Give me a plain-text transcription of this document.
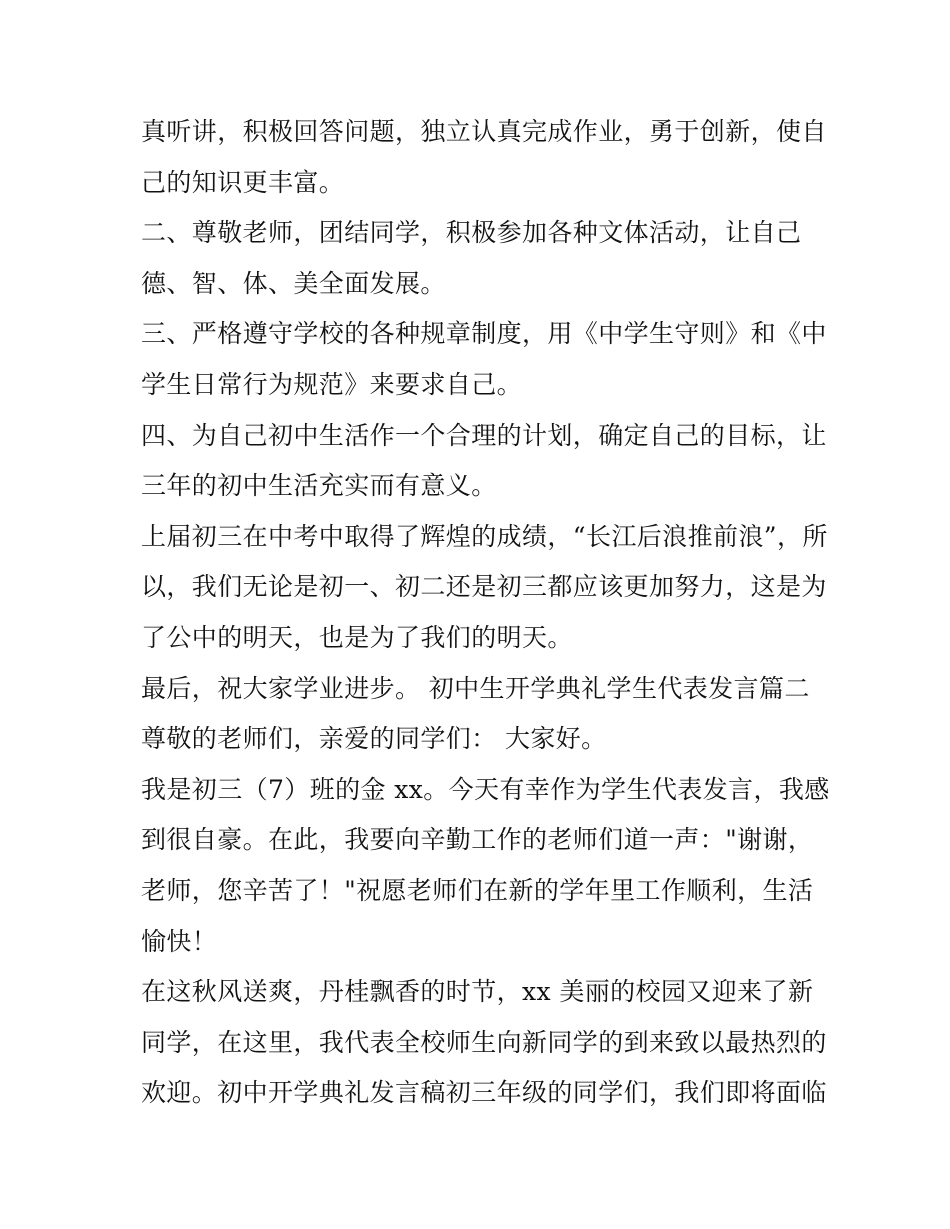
真听讲，积极回答问题，独立认真完成作业，勇于创新，使自
己的知识更丰富。
二、尊敬老师，团结同学，积极参加各种文体活动，让自己
德、智、体、美全面发展。
三、严格遵守学校的各种规章制度，用《中学生守则》和《中
学生日常行为规范》来要求自己。
四、为自己初中生活作一个合理的计划，确定自己的目标，让
三年的初中生活充实而有意义。
上届初三在中考中取得了辉煌的成绩，“长江后浪推前浪”，所
以，我们无论是初一、初二还是初三都应该更加努力，这是为
了公中的明天，也是为了我们的明天。
最后，祝大家学业进步。 初中生开学典礼学生代表发言篇二
尊敬的老师们，亲爱的同学们： 大家好。
我是初三（7）班的金 xx。今天有幸作为学生代表发言，我感
到很自豪。在此，我要向辛勤工作的老师们道一声："谢谢，
老师，您辛苦了！"祝愿老师们在新的学年里工作顺利，生活
愉快！
在这秋风送爽，丹桂飘香的时节，xx 美丽的校园又迎来了新
同学，在这里，我代表全校师生向新同学的到来致以最热烈的
欢迎。初中开学典礼发言稿初三年级的同学们，我们即将面临
